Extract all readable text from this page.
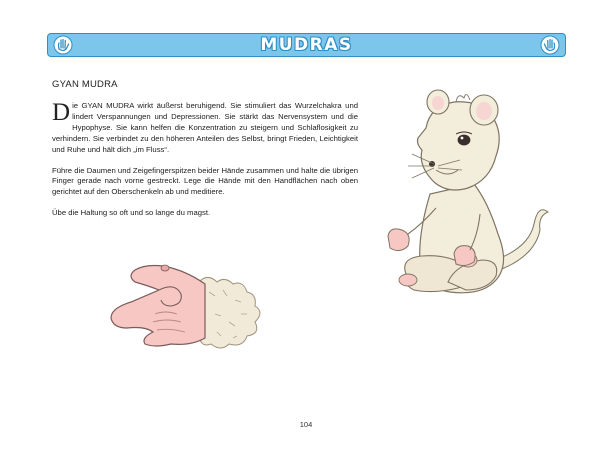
MUDRAS
GYAN MUDRA

Die GYAN MUDRA wirkt äußerst beruhigend. Sie stimuliert das Wurzelchakra und lindert Verspannungen und Depressionen. Sie stärkt das Nervensystem und die Hypophyse. Sie kann helfen die Konzentration zu steigern und Schlaflosigkeit zu verhindern. Sie verbindet zu den höheren Anteilen des Selbst, bringt Frieden, Leichtigkeit und Ruhe und hält dich „im Fluss“.

Führe die Daumen und Zeigefingerspitzen beider Hände zusammen und halte die übrigen Finger gerade nach vorne gestreckt. Lege die Hände mit den Handflächen nach oben gerichtet auf den Oberschenkeln ab und meditiere.

Übe die Haltung so oft und so lange du magst.

104
